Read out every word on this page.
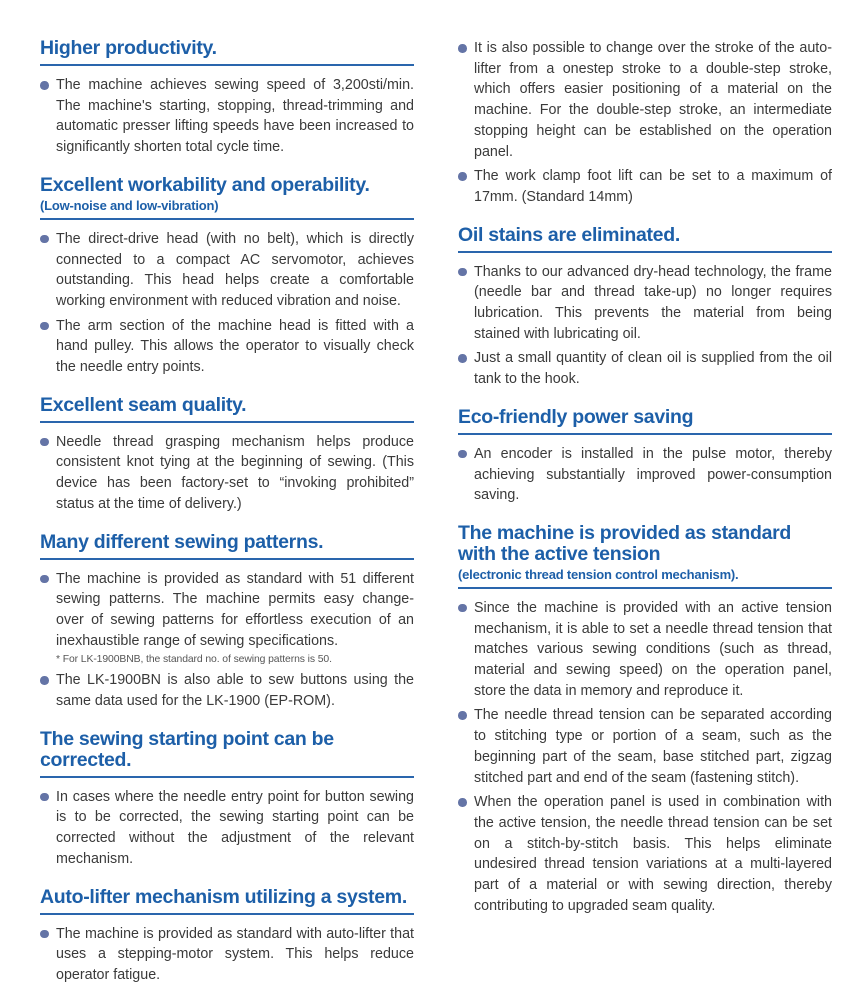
Higher productivity.
The machine achieves sewing speed of 3,200sti/min. The machine's starting, stopping, thread-trimming and automatic presser lifting speeds have been increased to significantly shorten total cycle time.
Excellent workability and operability.
(Low-noise and low-vibration)
The direct-drive head (with no belt), which is directly connected to a compact AC servomotor, achieves outstanding. This head helps create a comfortable working environment with reduced vibration and noise.
The arm section of the machine head is fitted with a hand pulley. This allows the operator to visually check the needle entry points.
Excellent seam quality.
Needle thread grasping mechanism helps produce consistent knot tying at the beginning of sewing. (This device has been factory-set to “invoking prohibited” status at the time of delivery.)
Many different sewing patterns.
The machine is provided as standard with 51 different sewing patterns. The machine permits easy change-over of sewing patterns for effortless execution of an inexhaustible range of sewing specifications.
* For LK-1900BNB, the standard no. of sewing patterns is 50.
The LK-1900BN is also able to sew buttons using the same data used for the LK-1900 (EP-ROM).
The sewing starting point can be corrected.
In cases where the needle entry point for button sewing is to be corrected, the sewing starting point can be corrected without the adjustment of the relevant mechanism.
Auto-lifter mechanism utilizing a system.
The machine is provided as standard with auto-lifter that uses a stepping-motor system. This helps reduce operator fatigue.
It is also possible to change over the stroke of the auto-lifter from a onestep stroke to a double-step stroke, which offers easier positioning of a material on the machine. For the double-step stroke, an intermediate stopping height can be established on the operation panel.
The work clamp foot lift can be set to a maximum of 17mm. (Standard 14mm)
Oil stains are eliminated.
Thanks to our advanced dry-head technology, the frame (needle bar and thread take-up) no longer requires lubrication. This prevents the material from being stained with lubricating oil.
Just a small quantity of clean oil is supplied from the oil tank to the hook.
Eco-friendly power saving
An encoder is installed in the pulse motor, thereby achieving substantially improved power-consumption saving.
The machine is provided as standard with the active tension
(electronic thread tension control mechanism).
Since the machine is provided with an active tension mechanism, it is able to set a needle thread tension that matches various sewing conditions (such as thread, material and sewing speed) on the operation panel, store the data in memory and reproduce it.
The needle thread tension can be separated according to stitching type or portion of a seam, such as the beginning part of the seam, base stitched part, zigzag stitched part and end of the seam (fastening stitch).
When the operation panel is used in combination with the active tension, the needle thread tension can be set on a stitch-by-stitch basis. This helps eliminate undesired thread tension variations at a multi-layered part of a material or with sewing direction, thereby contributing to upgraded seam quality.
